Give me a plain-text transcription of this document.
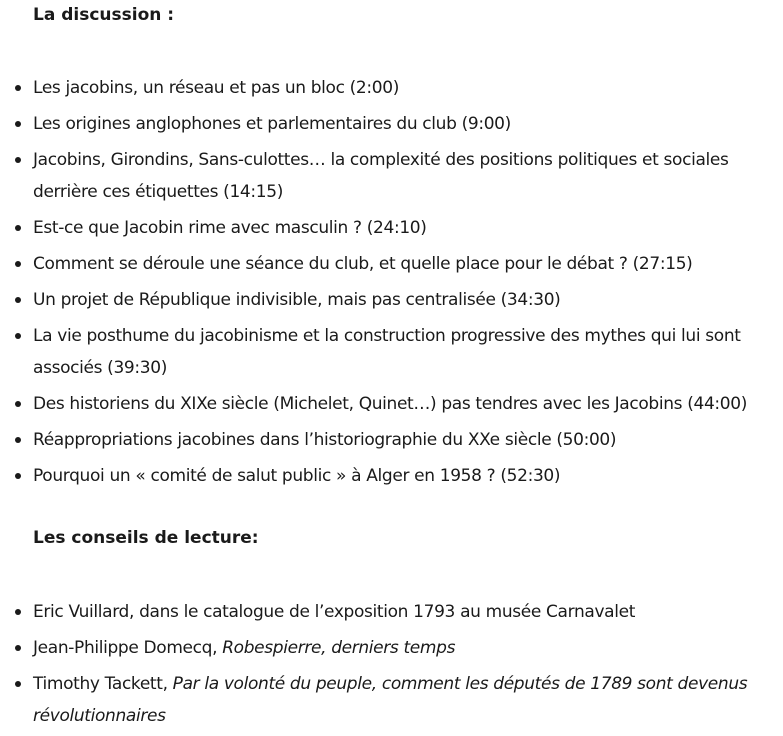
La discussion :

Les jacobins, un réseau et pas un bloc (2:00)
Les origines anglophones et parlementaires du club (9:00)
Jacobins, Girondins, Sans-culottes… la complexité des positions politiques et sociales derrière ces étiquettes (14:15)
Est-ce que Jacobin rime avec masculin ? (24:10)
Comment se déroule une séance du club, et quelle place pour le débat ? (27:15)
Un projet de République indivisible, mais pas centralisée (34:30)
La vie posthume du jacobinisme et la construction progressive des mythes qui lui sont associés (39:30)
Des historiens du XIXe siècle (Michelet, Quinet…) pas tendres avec les Jacobins (44:00)
Réappropriations jacobines dans l’historiographie du XXe siècle (50:00)
Pourquoi un « comité de salut public » à Alger en 1958 ? (52:30)

Les conseils de lecture:

Eric Vuillard, dans le catalogue de l’exposition 1793 au musée Carnavalet
Jean-Philippe Domecq, Robespierre, derniers temps
Timothy Tackett, Par la volonté du peuple, comment les députés de 1789 sont devenus révolutionnaires
